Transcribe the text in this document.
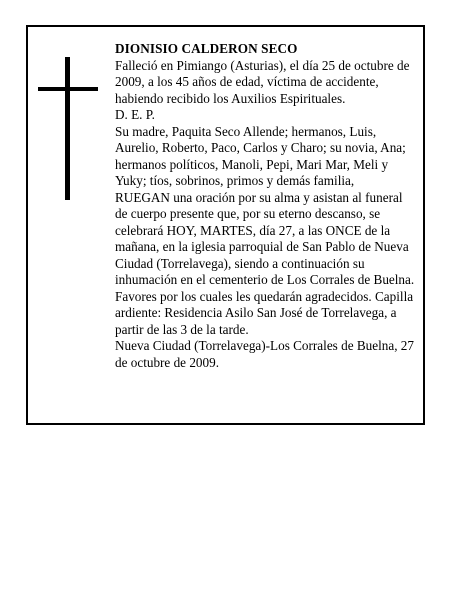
DIONISIO CALDERON SECO

Falleció en Pimiango (Asturias), el día 25 de octubre de 2009, a los 45 años de edad, víctima de accidente, habiendo recibido los Auxilios Espirituales.

D. E. P.

Su madre, Paquita Seco Allende; hermanos, Luis, Aurelio, Roberto, Paco, Carlos y Charo; su novia, Ana; hermanos políticos, Manoli, Pepi, Mari Mar, Meli y Yuky; tíos, sobrinos, primos y demás familia,

RUEGAN una oración por su alma y asistan al funeral de cuerpo presente que, por su eterno descanso, se celebrará HOY, MARTES, día 27, a las ONCE de la mañana, en la iglesia parroquial de San Pablo de Nueva Ciudad (Torrelavega), siendo a continuación su inhumación en el cementerio de Los Corrales de Buelna. Favores por los cuales les quedarán agradecidos. Capilla ardiente: Residencia Asilo San José de Torrelavega, a partir de las 3 de la tarde.

Nueva Ciudad (Torrelavega)-Los Corrales de Buelna, 27 de octubre de 2009.
